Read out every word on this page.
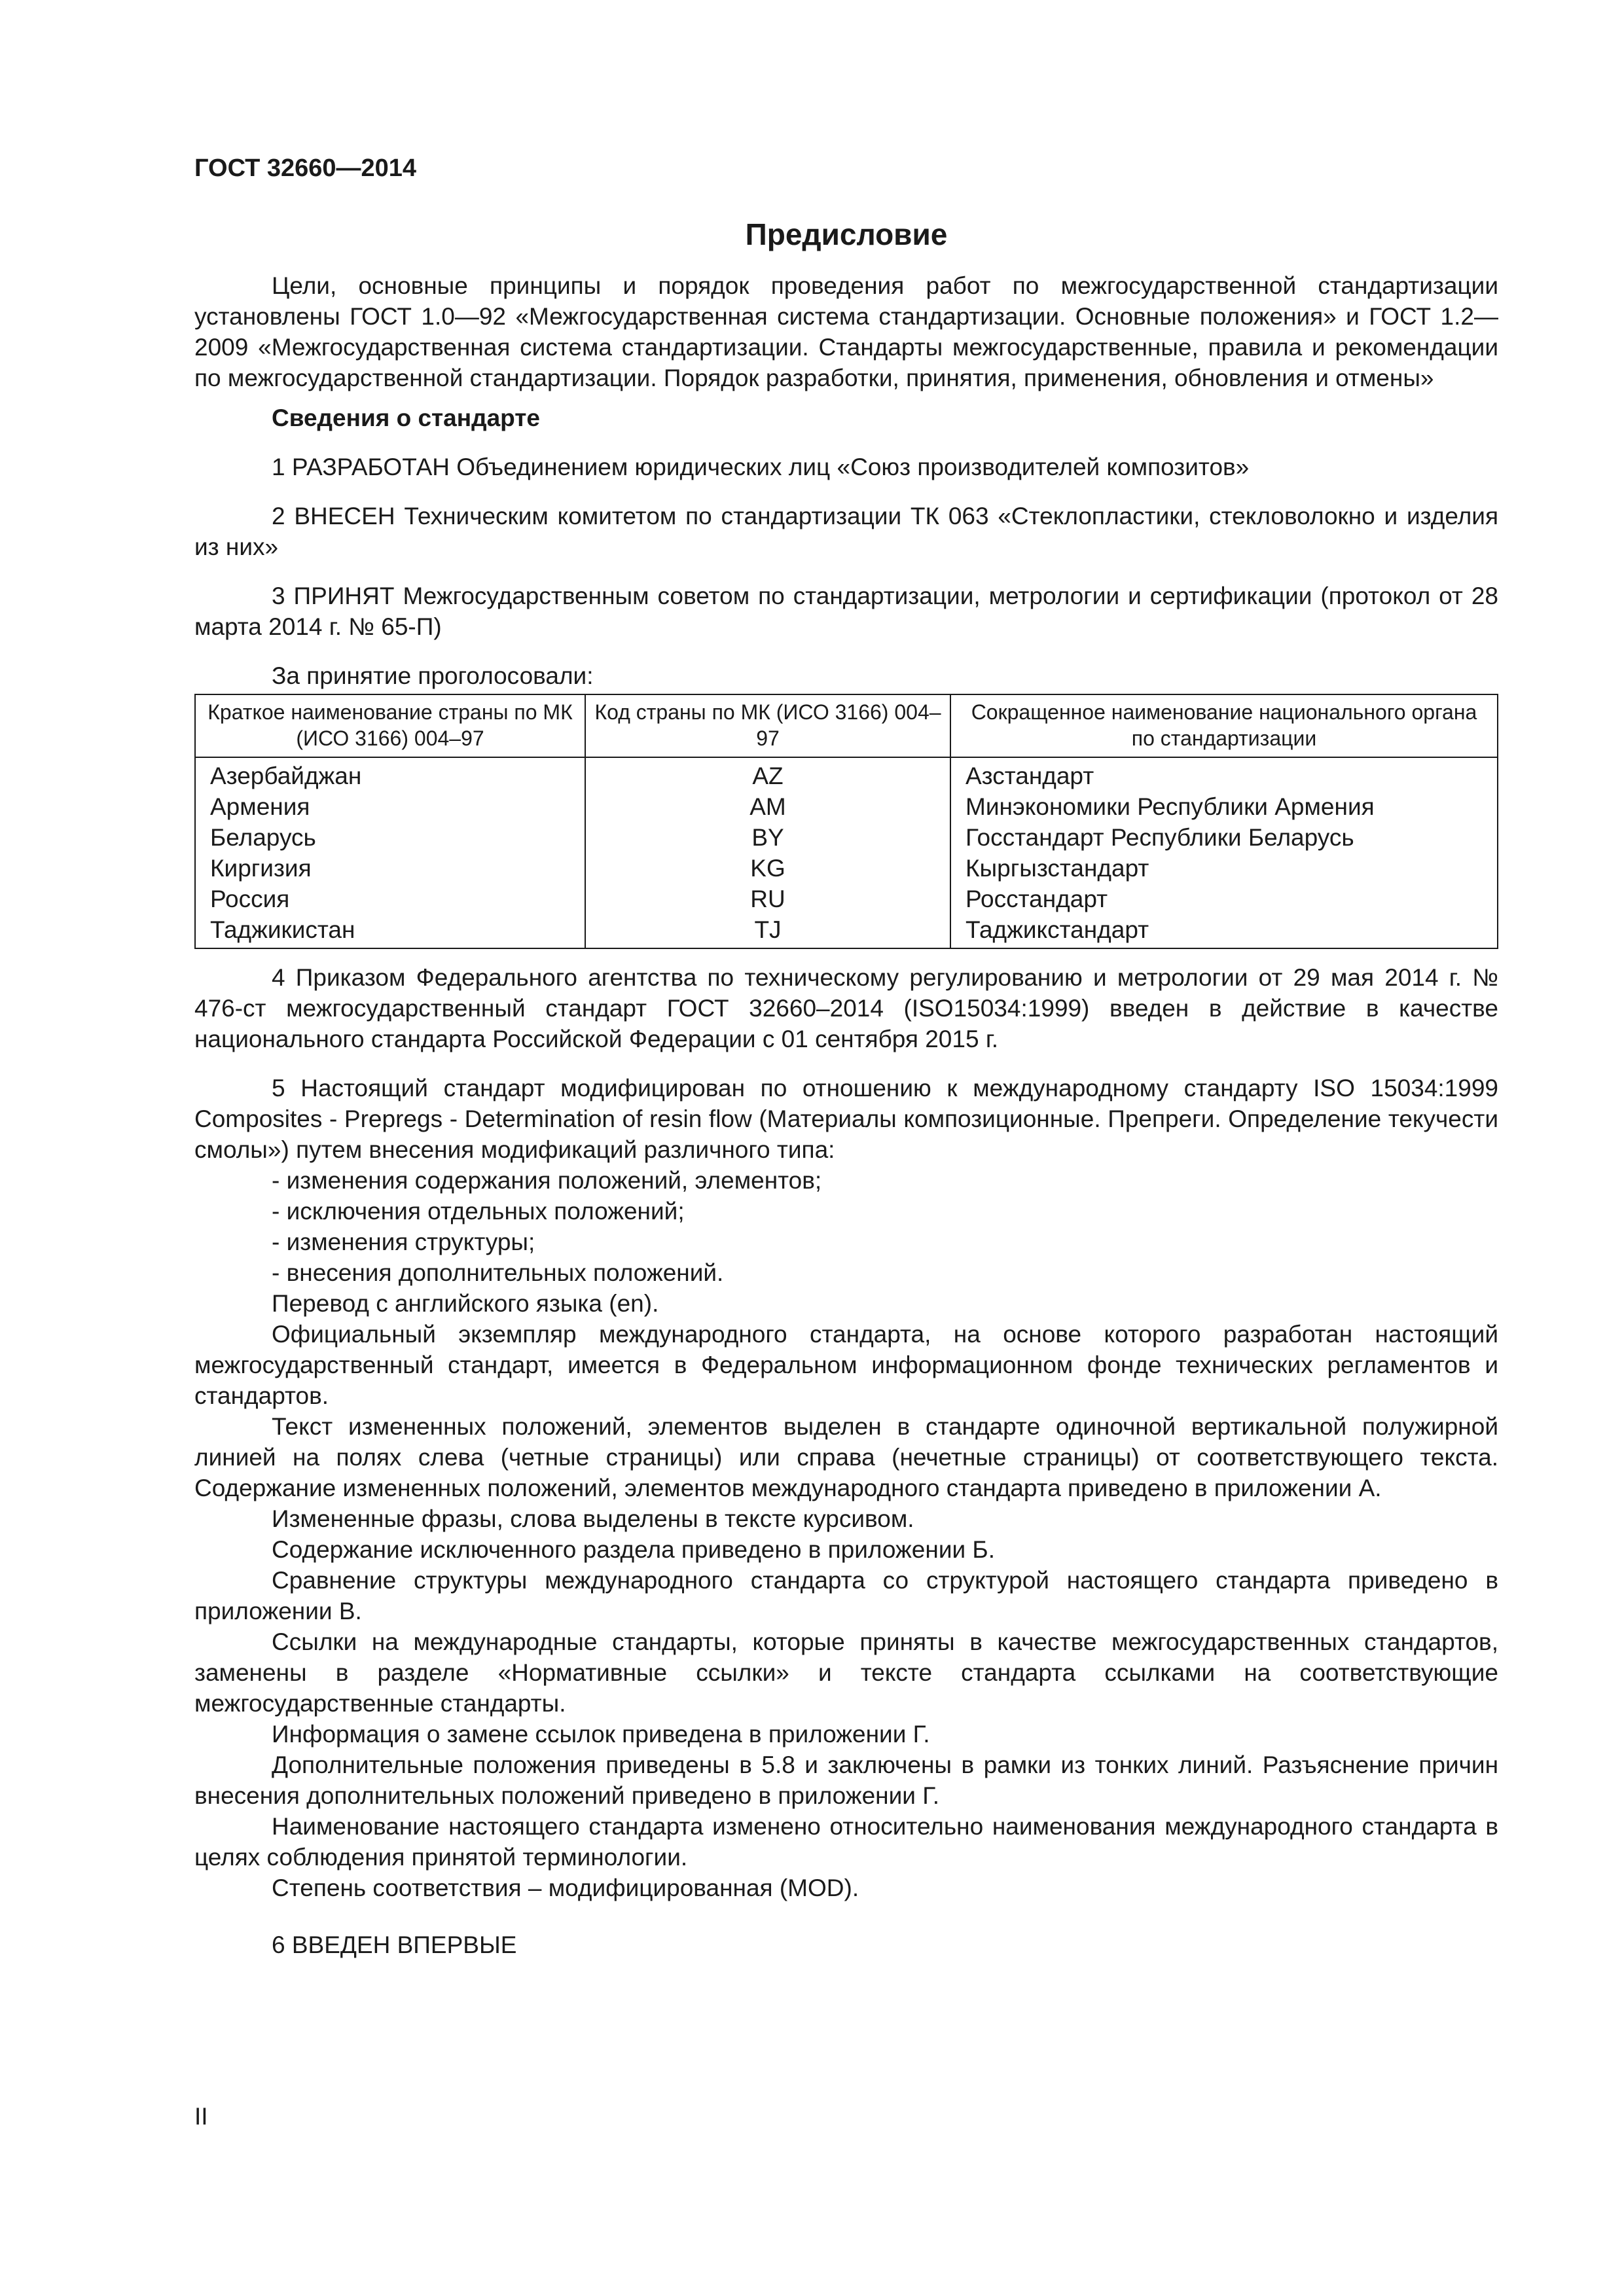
ГОСТ 32660—2014
Предисловие

Цели, основные принципы и порядок проведения работ по межгосударственной стандартизации установлены ГОСТ 1.0—92 «Межгосударственная система стандартизации. Основные положения» и ГОСТ 1.2—2009 «Межгосударственная система стандартизации. Стандарты межгосударственные, правила и рекомендации по межгосударственной стандартизации. Порядок разработки, принятия, применения, обновления и отмены»

Сведения о стандарте

1 РАЗРАБОТАН Объединением юридических лиц «Союз производителей композитов»

2 ВНЕСЕН Техническим комитетом по стандартизации ТК 063 «Стеклопластики, стекловолокно и изделия из них»

3 ПРИНЯТ Межгосударственным советом по стандартизации, метрологии и сертификации (протокол от 28 марта 2014 г. № 65-П)

За принятие проголосовали:

Краткое наименование страны по МК (ИСО 3166) 004–97	Код страны по МК (ИСО 3166) 004–97	Сокращенное наименование национального органа по стандартизации
Азербайджан	AZ	Азстандарт
Армения	AM	Минэкономики Республики Армения
Беларусь	BY	Госстандарт Республики Беларусь
Киргизия	KG	Кыргызстандарт
Россия	RU	Росстандарт
Таджикистан	TJ	Таджикстандарт

4 Приказом Федерального агентства по техническому регулированию и метрологии от 29 мая 2014 г. № 476-ст межгосударственный стандарт ГОСТ 32660–2014 (ISO15034:1999) введен в действие в качестве национального стандарта Российской Федерации с 01 сентября 2015 г.

5 Настоящий стандарт модифицирован по отношению к международному стандарту ISO 15034:1999 Composites - Prepregs - Determination of resin flow (Материалы композиционные. Препреги. Определение текучести смолы») путем внесения модификаций различного типа:

- изменения содержания положений, элементов;

- исключения отдельных положений;

- изменения структуры;

- внесения дополнительных положений.

Перевод с английского языка (en).

Официальный экземпляр международного стандарта, на основе которого разработан настоящий межгосударственный стандарт, имеется в Федеральном информационном фонде технических регламентов и стандартов.

Текст измененных положений, элементов выделен в стандарте одиночной вертикальной полужирной линией на полях слева (четные страницы) или справа (нечетные страницы) от соответствующего текста. Содержание измененных положений, элементов международного стандарта приведено в приложении А.

Измененные фразы, слова выделены в тексте курсивом.

Содержание исключенного раздела приведено в приложении Б.

Сравнение структуры международного стандарта со структурой настоящего стандарта приведено в приложении В.

Ссылки на международные стандарты, которые приняты в качестве межгосударственных стандартов, заменены в разделе «Нормативные ссылки» и тексте стандарта ссылками на соответствующие межгосударственные стандарты.

Информация о замене ссылок приведена в приложении Г.

Дополнительные положения приведены в 5.8 и заключены в рамки из тонких линий. Разъяснение причин внесения дополнительных положений приведено в приложении Г.

Наименование настоящего стандарта изменено относительно наименования международного стандарта в целях соблюдения принятой терминологии.

Степень соответствия – модифицированная (MOD).

6 ВВЕДЕН ВПЕРВЫЕ

II
